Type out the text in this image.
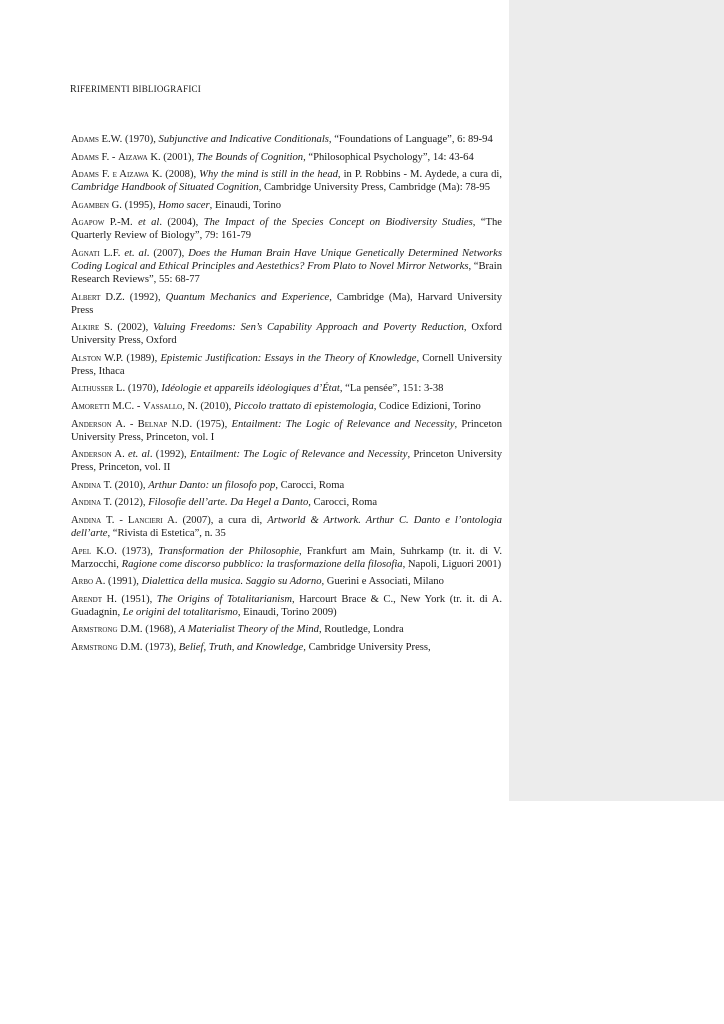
RIFERIMENTI BIBLIOGRAFICI

Adams E.W. (1970), Subjunctive and Indicative Conditionals, “Foundations of Language”, 6: 89-94

Adams F. - Aizawa K. (2001), The Bounds of Cognition, “Philosophical Psychology”, 14: 43-64

Adams F. e Aizawa K. (2008), Why the mind is still in the head, in P. Robbins - M. Aydede, a cura di, Cambridge Handbook of Situated Cognition, Cambridge University Press, Cambridge (Ma): 78-95

Agamben G. (1995), Homo sacer, Einaudi, Torino

Agapow P.-M. et al. (2004), The Impact of the Species Concept on Biodiversity Studies, “The Quarterly Review of Biology”, 79: 161-79

Agnati L.F. et. al. (2007), Does the Human Brain Have Unique Genetically Determined Networks Coding Logical and Ethical Principles and Aestethics? From Plato to Novel Mirror Networks, “Brain Research Reviews”, 55: 68-77

Albert D.Z. (1992), Quantum Mechanics and Experience, Cambridge (Ma), Harvard University Press

Alkire S. (2002), Valuing Freedoms: Sen’s Capability Approach and Poverty Reduction, Oxford University Press, Oxford

Alston W.P. (1989), Epistemic Justification: Essays in the Theory of Knowledge, Cornell University Press, Ithaca

Althusser L. (1970), Idéologie et appareils idéologiques d’État, “La pensée”, 151: 3-38

Amoretti M.C. - Vassallo, N. (2010), Piccolo trattato di epistemologia, Codice Edizioni, Torino

Anderson A. - Belnap N.D. (1975), Entailment: The Logic of Relevance and Necessity, Princeton University Press, Princeton, vol. I

Anderson A. et. al. (1992), Entailment: The Logic of Relevance and Necessity, Princeton University Press, Princeton, vol. II

Andina T. (2010), Arthur Danto: un filosofo pop, Carocci, Roma

Andina T. (2012), Filosofie dell’arte. Da Hegel a Danto, Carocci, Roma

Andina T. - Lancieri A. (2007), a cura di, Artworld & Artwork. Arthur C. Danto e l’ontologia dell’arte, “Rivista di Estetica”, n. 35

Apel K.O. (1973), Transformation der Philosophie, Frankfurt am Main, Suhrkamp (tr. it. di V. Marzocchi, Ragione come discorso pubblico: la trasformazione della filosofia, Napoli, Liguori 2001)

Arbo A. (1991), Dialettica della musica. Saggio su Adorno, Guerini e Associati, Milano

Arendt H. (1951), The Origins of Totalitarianism, Harcourt Brace & C., New York (tr. it. di A. Guadagnin, Le origini del totalitarismo, Einaudi, Torino 2009)

Armstrong D.M. (1968), A Materialist Theory of the Mind, Routledge, Londra

Armstrong D.M. (1973), Belief, Truth, and Knowledge, Cambridge University Press,
